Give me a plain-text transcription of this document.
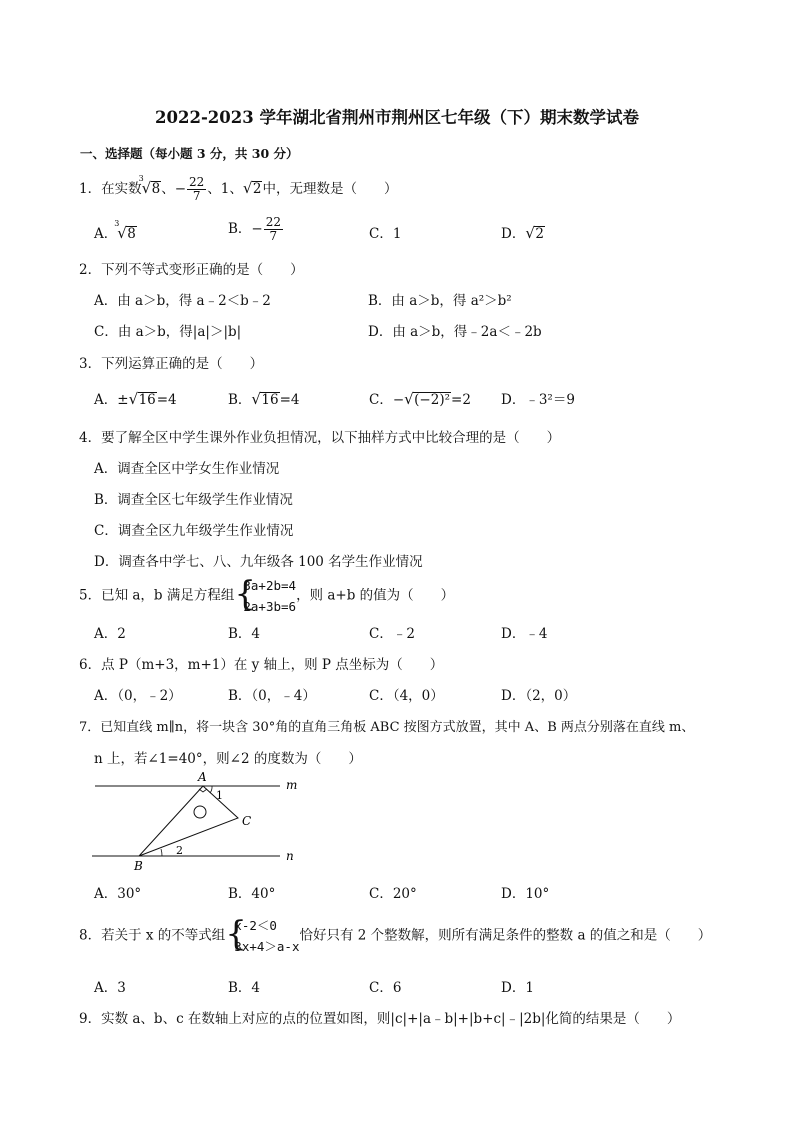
2022-2023 学年湖北省荆州市荆州区七年级（下）期末数学试卷
一、选择题（每小题 3 分，共 30 分）
1．在实数
3
√ 8、− $\frac{22}{7}$ 、1、 √ 2中，无理数是（　　）
A．
3
√ 8	B．− $\frac{22}{7}$	C．1	D． √ 2
2．下列不等式变形正确的是（　　）
A．由 a＞b，得 a﹣2＜b﹣2	B．由 a＞b，得 a²＞b²
C．由 a＞b，得|a|＞|b|	D．由 a＞b，得﹣2a＜﹣2b
3．下列运算正确的是（　　）
A．± √ 16=4	B． √ 16=4	C．− √ (−2)²=2 D．﹣3²＝9
4．要了解全区中学生课外作业负担情况，以下抽样方式中比较合理的是（　　）
A．调查全区中学女生作业情况
B．调查全区七年级学生作业情况
C．调查全区九年级学生作业情况
D．调查各中学七、八、九年级各 100 名学生作业情况
5．已知 a，b 满足方程组 {
3a+2b=4
2a+3b=6
，则 a+b 的值为（　　）
A．2	B．4	C．﹣2	D．﹣4
6．点 P（m+3，m+1）在 y 轴上，则 P 点坐标为（　　）
A．（0，﹣2）	B．（0，﹣4）	C．（4，0）	D．（2，0）
7．已知直线 m∥n，将一块含 30°角的直角三角板 ABC 按图方式放置，其中 A、B 两点分别落在直线 m、
n 上，若∠1=40°，则∠2 的度数为（　　）
A
B
C
m
n
1
2
A．30°	B．40°	C．20°	D．10°
8．若关于 x 的不等式组 {
x-2＜0
3x+4＞a-x
恰好只有 2 个整数解，则所有满足条件的整数 a 的值之和是（　　）
A．3	B．4	C．6	D．1
9．实数 a、b、c 在数轴上对应的点的位置如图，则|c|+|a﹣b|+|b+c|﹣|2b|化简的结果是（　　）
